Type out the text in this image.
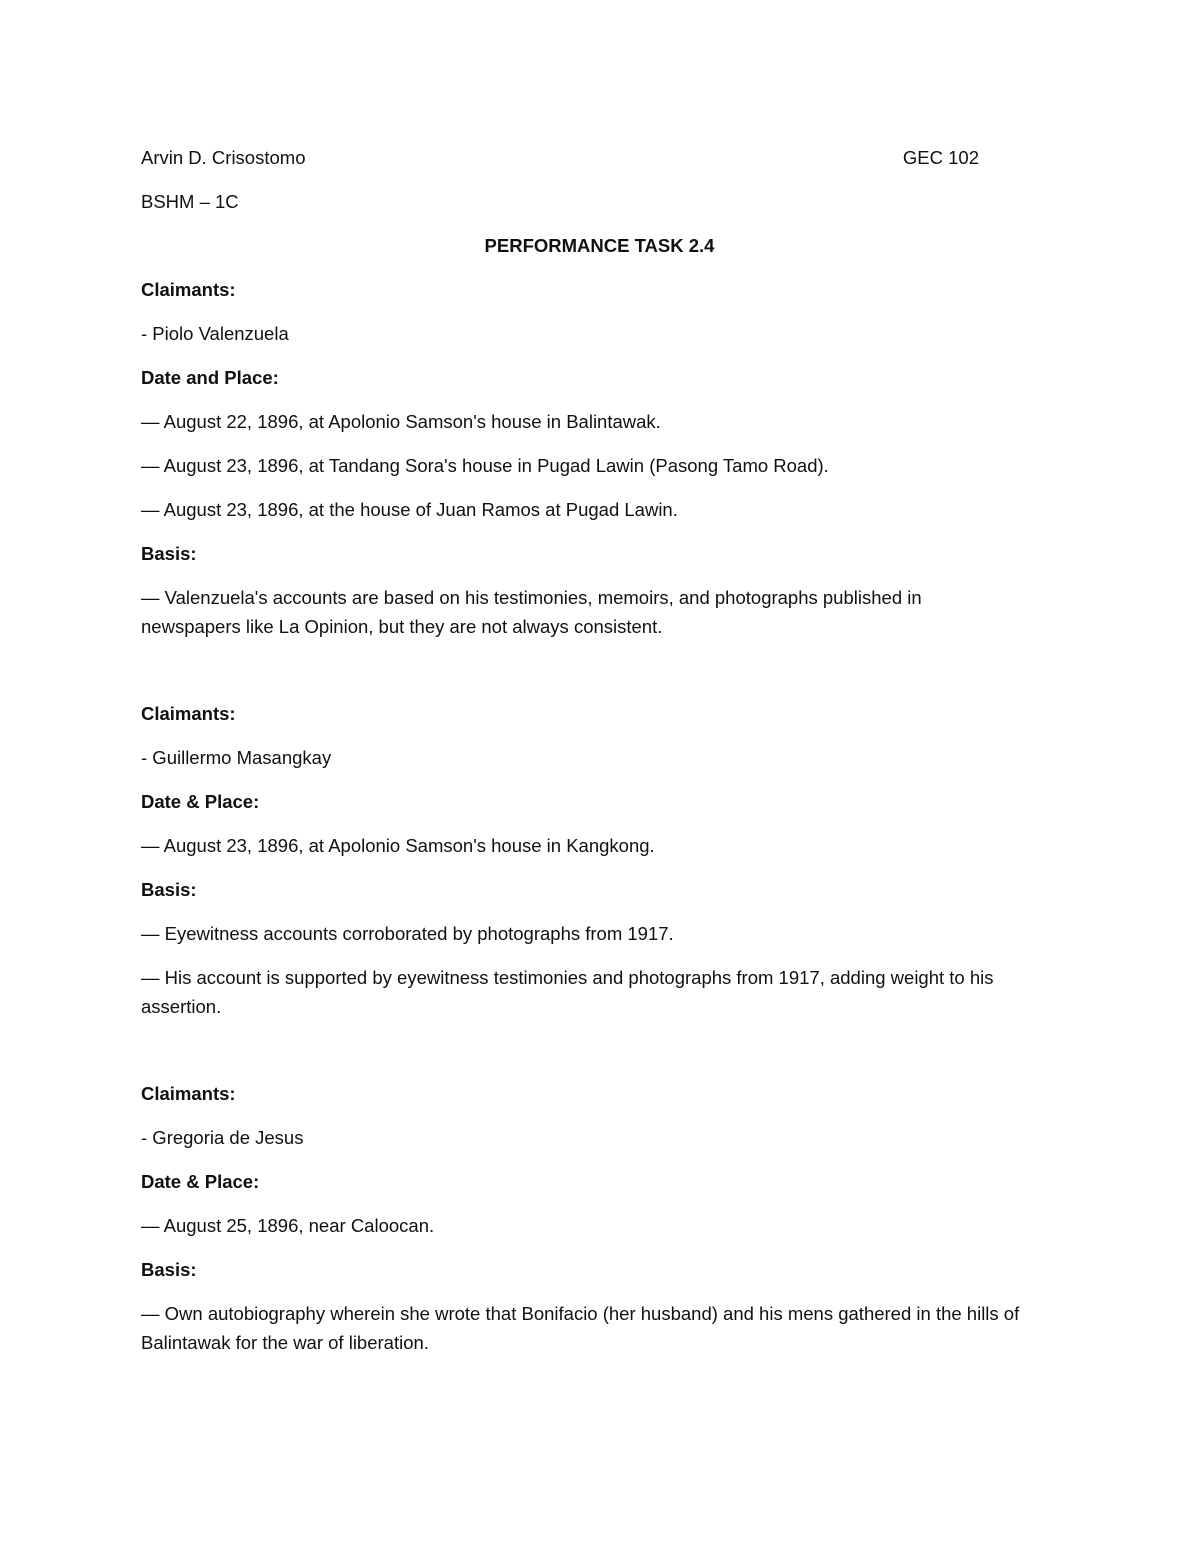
Arvin D. Crisostomo	GEC 102
BSHM – 1C
PERFORMANCE TASK 2.4
Claimants:
- Piolo Valenzuela
Date and Place:
— August 22, 1896, at Apolonio Samson's house in Balintawak.
— August 23, 1896, at Tandang Sora's house in Pugad Lawin (Pasong Tamo Road).
— August 23, 1896, at the house of Juan Ramos at Pugad Lawin.
Basis:
— Valenzuela's accounts are based on his testimonies, memoirs, and photographs published in newspapers like La Opinion, but they are not always consistent.
Claimants:
- Guillermo Masangkay
Date & Place:
— August 23, 1896, at Apolonio Samson's house in Kangkong.
Basis:
— Eyewitness accounts corroborated by photographs from 1917.
— His account is supported by eyewitness testimonies and photographs from 1917, adding weight to his assertion.
Claimants:
- Gregoria de Jesus
Date & Place:
— August 25, 1896, near Caloocan.
Basis:
— Own autobiography wherein she wrote that Bonifacio (her husband) and his mens gathered in the hills of Balintawak for the war of liberation.
